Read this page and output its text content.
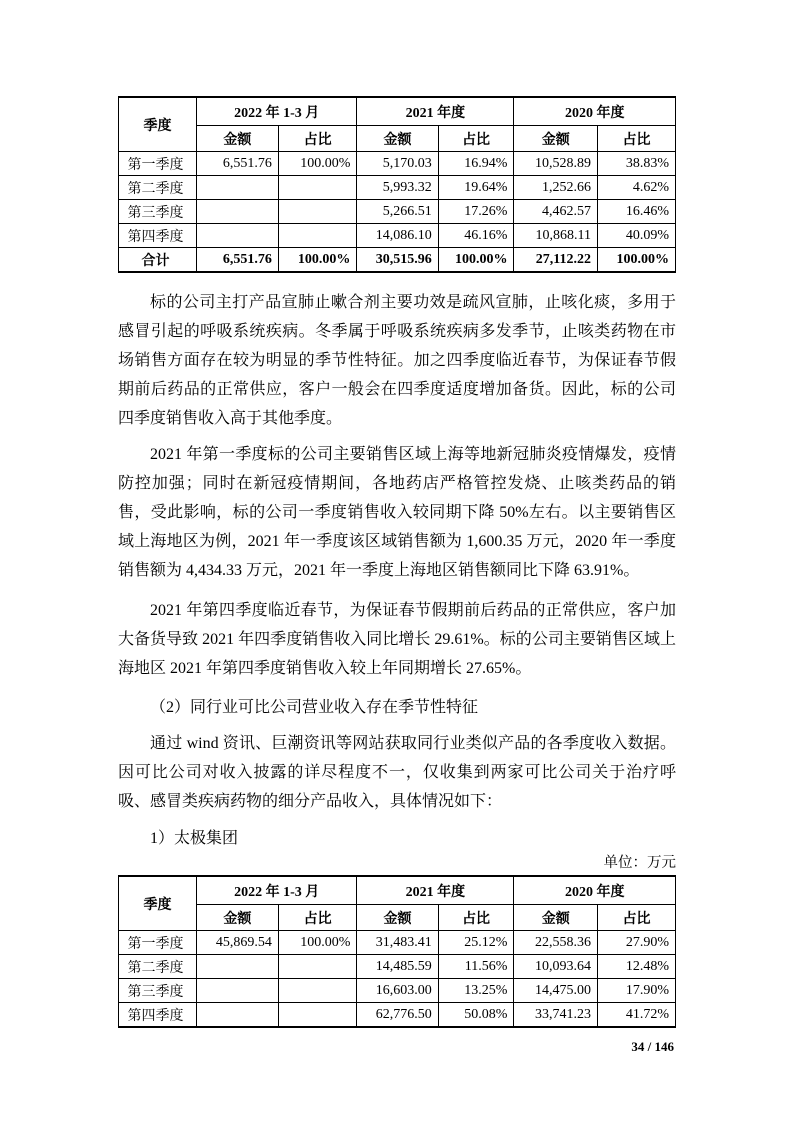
季度	2022 年 1-3 月		2021 年度		2020 年度	
	金额	占比	金额	占比	金额	占比
第一季度	6,551.76	100.00%	5,170.03	16.94%	10,528.89	38.83%
第二季度			5,993.32	19.64%	1,252.66	4.62%
第三季度			5,266.51	17.26%	4,462.57	16.46%
第四季度			14,086.10	46.16%	10,868.11	40.09%
合计	6,551.76	100.00%	30,515.96	100.00%	27,112.22	100.00%

标的公司主打产品宣肺止嗽合剂主要功效是疏风宣肺，止咳化痰，多用于感冒引起的呼吸系统疾病。冬季属于呼吸系统疾病多发季节，止咳类药物在市场销售方面存在较为明显的季节性特征。加之四季度临近春节，为保证春节假期前后药品的正常供应，客户一般会在四季度适度增加备货。因此，标的公司四季度销售收入高于其他季度。

2021 年第一季度标的公司主要销售区域上海等地新冠肺炎疫情爆发，疫情防控加强；同时在新冠疫情期间，各地药店严格管控发烧、止咳类药品的销售，受此影响，标的公司一季度销售收入较同期下降 50%左右。以主要销售区域上海地区为例，2021 年一季度该区域销售额为 1,600.35 万元，2020 年一季度销售额为 4,434.33 万元，2021 年一季度上海地区销售额同比下降 63.91%。

2021 年第四季度临近春节，为保证春节假期前后药品的正常供应，客户加大备货导致 2021 年四季度销售收入同比增长 29.61%。标的公司主要销售区域上海地区 2021 年第四季度销售收入较上年同期增长 27.65%。

（2）同行业可比公司营业收入存在季节性特征

通过 wind 资讯、巨潮资讯等网站获取同行业类似产品的各季度收入数据。因可比公司对收入披露的详尽程度不一，仅收集到两家可比公司关于治疗呼吸、感冒类疾病药物的细分产品收入，具体情况如下：

1）太极集团

单位：万元

季度	2022 年 1-3 月		2021 年度		2020 年度	
	金额	占比	金额	占比	金额	占比
第一季度	45,869.54	100.00%	31,483.41	25.12%	22,558.36	27.90%
第二季度			14,485.59	11.56%	10,093.64	12.48%
第三季度			16,603.00	13.25%	14,475.00	17.90%
第四季度			62,776.50	50.08%	33,741.23	41.72%
34 / 146
